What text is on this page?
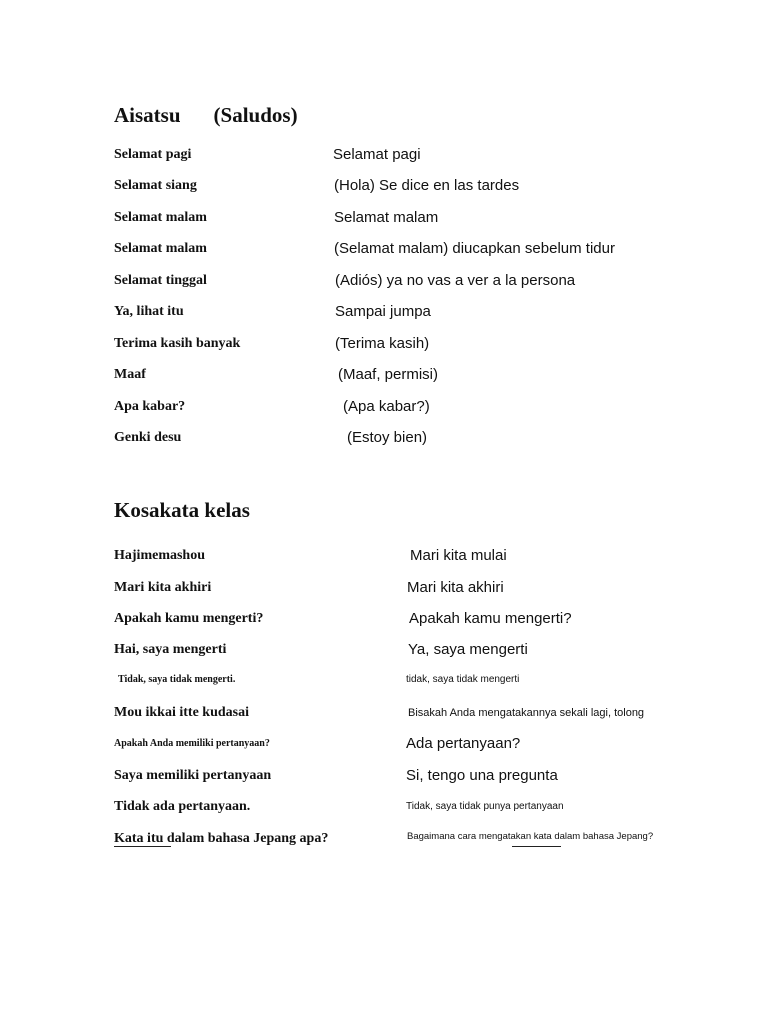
Aisatsu (Saludos)
Selamat pagi	Selamat pagi
Selamat siang	(Hola) Se dice en las tardes
Selamat malam	Selamat malam
Selamat malam	(Selamat malam) diucapkan sebelum tidur
Selamat tinggal	(Adiós) ya no vas a ver a la persona
Ya, lihat itu	Sampai jumpa
Terima kasih banyak	(Terima kasih)
Maaf	(Maaf, permisi)
Apa kabar?	(Apa kabar?)
Genki desu	(Estoy bien)
Kosakata kelas
Hajimemashou	Mari kita mulai
Mari kita akhiri	Mari kita akhiri
Apakah kamu mengerti?	Apakah kamu mengerti?
Hai, saya mengerti	Ya, saya mengerti
Tidak, saya tidak mengerti.	tidak, saya tidak mengerti
Mou ikkai itte kudasai	Bisakah Anda mengatakannya sekali lagi, tolong
Apakah Anda memiliki pertanyaan?	Ada pertanyaan?
Saya memiliki pertanyaan	Si, tengo una pregunta
Tidak ada pertanyaan.	Tidak, saya tidak punya pertanyaan
Kata itu dalam bahasa Jepang apa?	Bagaimana cara mengatakan kata dalam bahasa Jepang?
